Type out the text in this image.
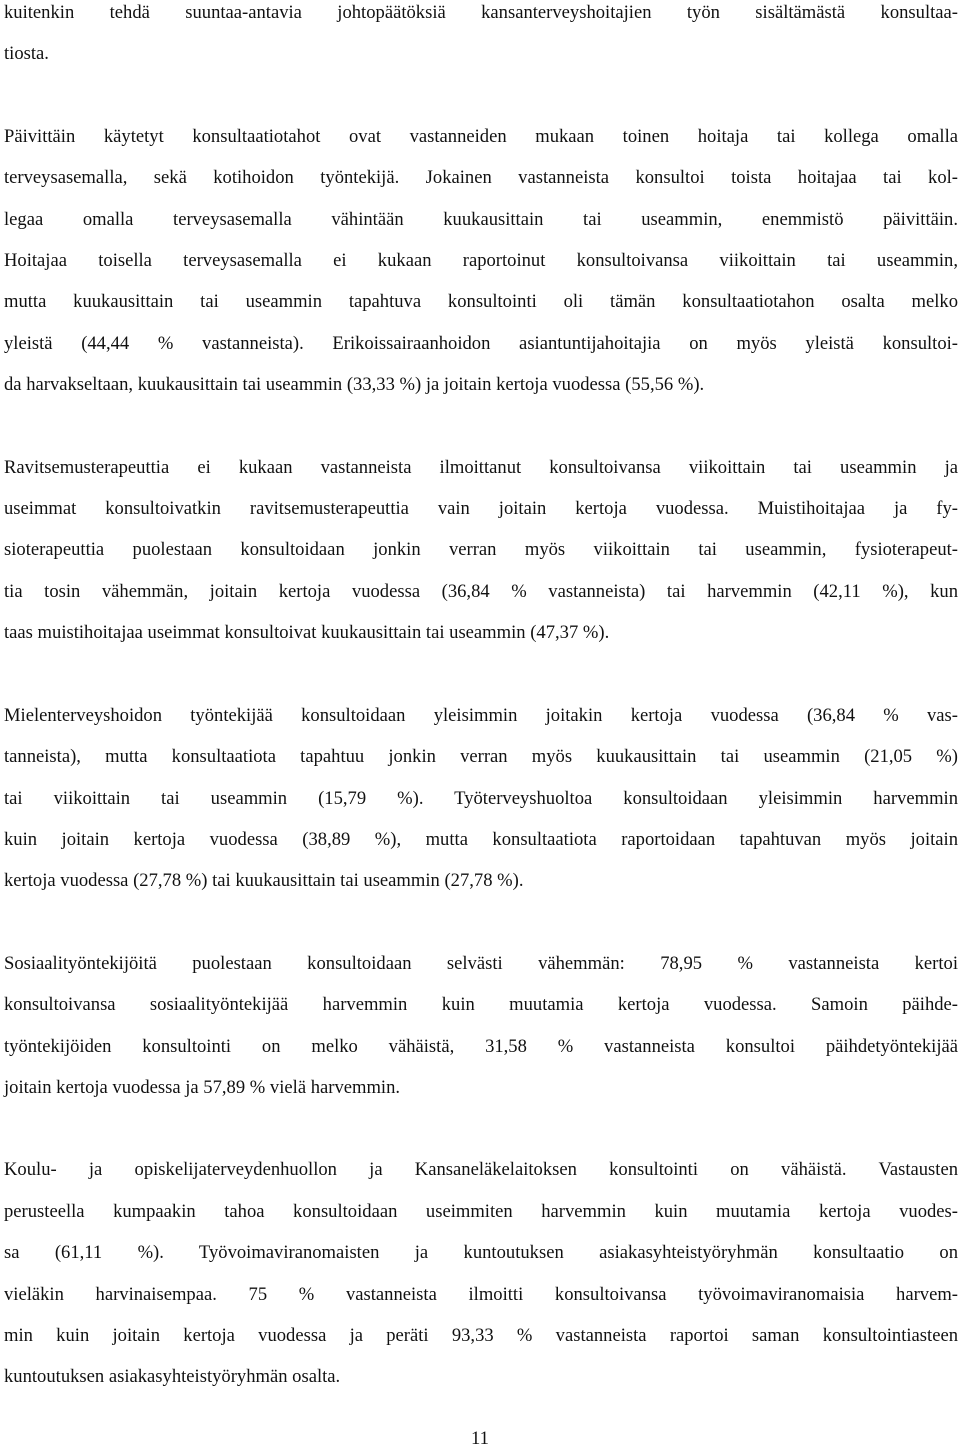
kuitenkin tehdä suuntaa-antavia johtopäätöksiä kansanterveyshoitajien työn sisältämästä konsultaa-
tiosta.
Päivittäin käytetyt konsultaatiotahot ovat vastanneiden mukaan toinen hoitaja tai kollega omalla
terveysasemalla, sekä kotihoidon työntekijä. Jokainen vastanneista konsultoi toista hoitajaa tai kol-
legaa omalla terveysasemalla vähintään kuukausittain tai useammin, enemmistö päivittäin.
Hoitajaa toisella terveysasemalla ei kukaan raportoinut konsultoivansa viikoittain tai useammin,
mutta kuukausittain tai useammin tapahtuva konsultointi oli tämän konsultaatiotahon osalta melko
yleistä (44,44 % vastanneista). Erikoissairaanhoidon asiantuntijahoitajia on myös yleistä konsultoi-
da harvakseltaan, kuukausittain tai useammin (33,33 %) ja joitain kertoja vuodessa (55,56 %).
Ravitsemusterapeuttia ei kukaan vastanneista ilmoittanut konsultoivansa viikoittain tai useammin ja
useimmat konsultoivatkin ravitsemusterapeuttia vain joitain kertoja vuodessa. Muistihoitajaa ja fy-
sioterapeuttia puolestaan konsultoidaan jonkin verran myös viikoittain tai useammin, fysioterapeut-
tia tosin vähemmän, joitain kertoja vuodessa (36,84 % vastanneista) tai harvemmin (42,11 %), kun
taas muistihoitajaa useimmat konsultoivat kuukausittain tai useammin (47,37 %).
Mielenterveyshoidon työntekijää konsultoidaan yleisimmin joitakin kertoja vuodessa (36,84 % vas-
tanneista), mutta konsultaatiota tapahtuu jonkin verran myös kuukausittain tai useammin (21,05 %)
tai viikoittain tai useammin (15,79 %). Työterveyshuoltoa konsultoidaan yleisimmin harvemmin
kuin joitain kertoja vuodessa (38,89 %), mutta konsultaatiota raportoidaan tapahtuvan myös joitain
kertoja vuodessa (27,78 %) tai kuukausittain tai useammin (27,78 %).
Sosiaalityöntekijöitä puolestaan konsultoidaan selvästi vähemmän: 78,95 % vastanneista kertoi
konsultoivansa sosiaalityöntekijää harvemmin kuin muutamia kertoja vuodessa. Samoin päihde-
työntekijöiden konsultointi on melko vähäistä, 31,58 % vastanneista konsultoi päihdetyöntekijää
joitain kertoja vuodessa ja 57,89 % vielä harvemmin.
Koulu- ja opiskelijaterveydenhuollon ja Kansaneläkelaitoksen konsultointi on vähäistä. Vastausten
perusteella kumpaakin tahoa konsultoidaan useimmiten harvemmin kuin muutamia kertoja vuodes-
sa (61,11 %). Työvoimaviranomaisten ja kuntoutuksen asiakasyhteistyöryhmän konsultaatio on
vieläkin harvinaisempaa. 75 % vastanneista ilmoitti konsultoivansa työvoimaviranomaisia harvem-
min kuin joitain kertoja vuodessa ja peräti 93,33 % vastanneista raportoi saman konsultointiasteen
kuntoutuksen asiakasyhteistyöryhmän osalta.
11
